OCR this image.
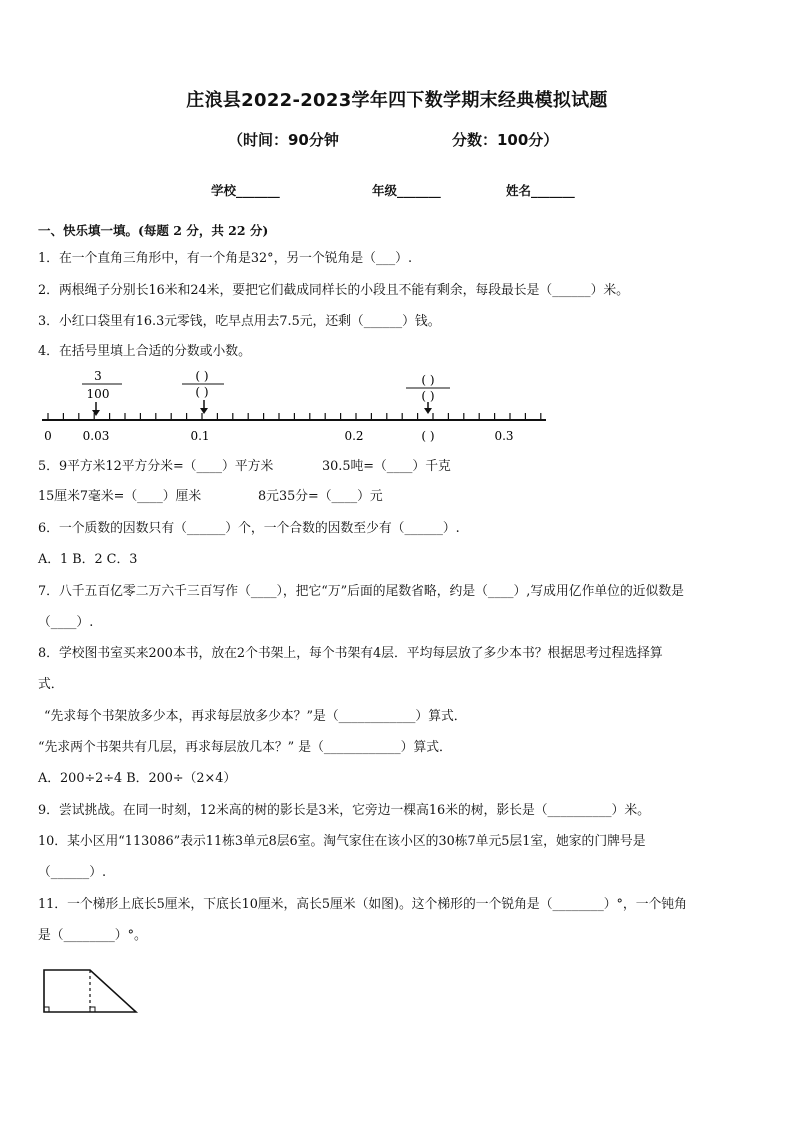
庄浪县2022-2023学年四下数学期末经典模拟试题
（时间：90分钟	分数：100分）
学校_______	年级_______	姓名_______
一、快乐填一填。(每题 2 分，共 22 分)
1．在一个直角三角形中，有一个角是32°，另一个锐角是（___）.
2．两根绳子分别长16米和24米，要把它们截成同样长的小段且不能有剩余，每段最长是（______）米。
3．小红口袋里有16.3元零钱，吃早点用去7.5元，还剩（______）钱。
4．在括号里填上合适的分数或小数。
3
100
( )
( )
( )
( )
0	0.03	0.1	0.2	( )	0.3
5．9平方米12平方分米=（____）平方米	30.5吨=（____）千克
15厘米7毫米=（____）厘米	8元35分=（____）元
6．一个质数的因数只有（______）个，一个合数的因数至少有（______）.
A．1 B．2 C．3
7．八千五百亿零二万六千三百写作（____），把它“万”后面的尾数省略，约是（____）,写成用亿作单位的近似数是
（____）.
8．学校图书室买来200本书，放在2个书架上，每个书架有4层．平均每层放了多少本书？根据思考过程选择算
式．
“先求每个书架放多少本，再求每层放多少本？”是（____________）算式．
“先求两个书架共有几层，再求每层放几本？” 是（____________）算式．
A．200÷2÷4 B．200÷（2×4）
9．尝试挑战。在同一时刻，12米高的树的影长是3米，它旁边一棵高16米的树，影长是（__________）米。
10．某小区用“113086”表示11栋3单元8层6室。淘气家住在该小区的30栋7单元5层1室，她家的门牌号是
（______）.
11．一个梯形上底长5厘米，下底长10厘米，高长5厘米（如图)。这个梯形的一个锐角是（________）°，一个钝角
是（________）°。
